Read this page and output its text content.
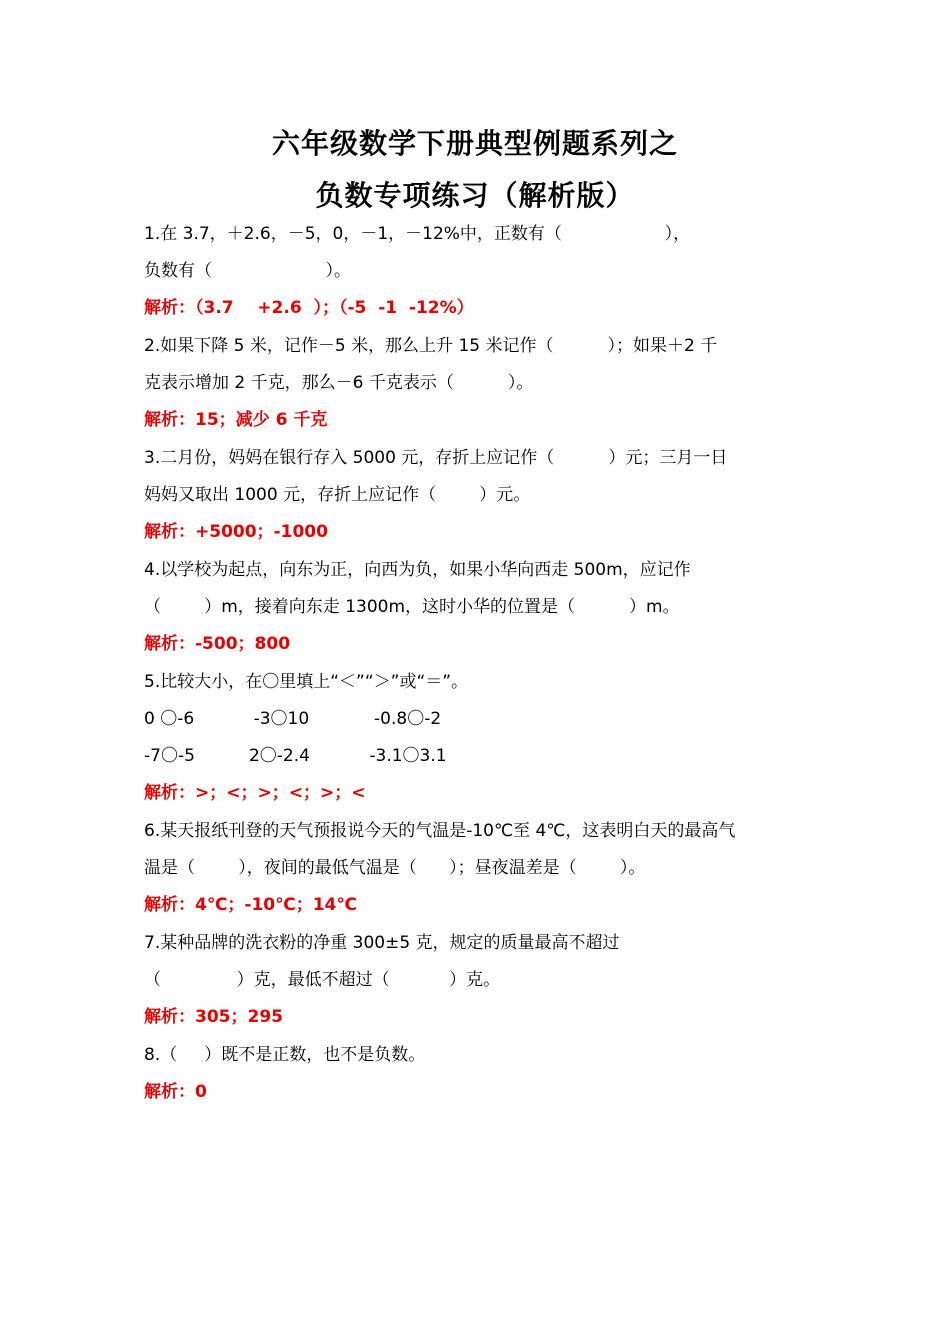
六年级数学下册典型例题系列之
负数专项练习（解析版）
1.在 3.7，＋2.6，－5，0，－1，－12%中，正数有（                   ），
负数有（                     ）。
解析：（3.7    +2.6  ）；（-5  -1  -12%）
2.如果下降 5 米，记作－5 米，那么上升 15 米记作（          ）；如果＋2 千
克表示增加 2 千克，那么－6 千克表示（          ）。
解析：15；减少 6 千克
3.二月份，妈妈在银行存入 5000 元，存折上应记作（          ）元；三月一日
妈妈又取出 1000 元，存折上应记作（        ）元。
解析：+5000；-1000
4.以学校为起点，向东为正，向西为负，如果小华向西走 500m，应记作
（        ）m，接着向东走 1300m，这时小华的位置是（          ）m。
解析：-500；800
5.比较大小，在〇里填上“＜”“＞”或“＝”。
0 〇-6           -3〇10            -0.8〇-2
-7〇-5          2〇-2.4           -3.1〇3.1
解析：>；<；>；<；>；<
6.某天报纸刊登的天气预报说今天的气温是-10℃至 4℃，这表明白天的最高气
温是（        ），夜间的最低气温是（      ）；昼夜温差是（        ）。
解析：4℃；-10℃；14℃
7.某种品牌的洗衣粉的净重 300±5 克，规定的质量最高不超过
（              ）克，最低不超过（           ）克。
解析：305；295
8.（     ）既不是正数，也不是负数。
解析：0
